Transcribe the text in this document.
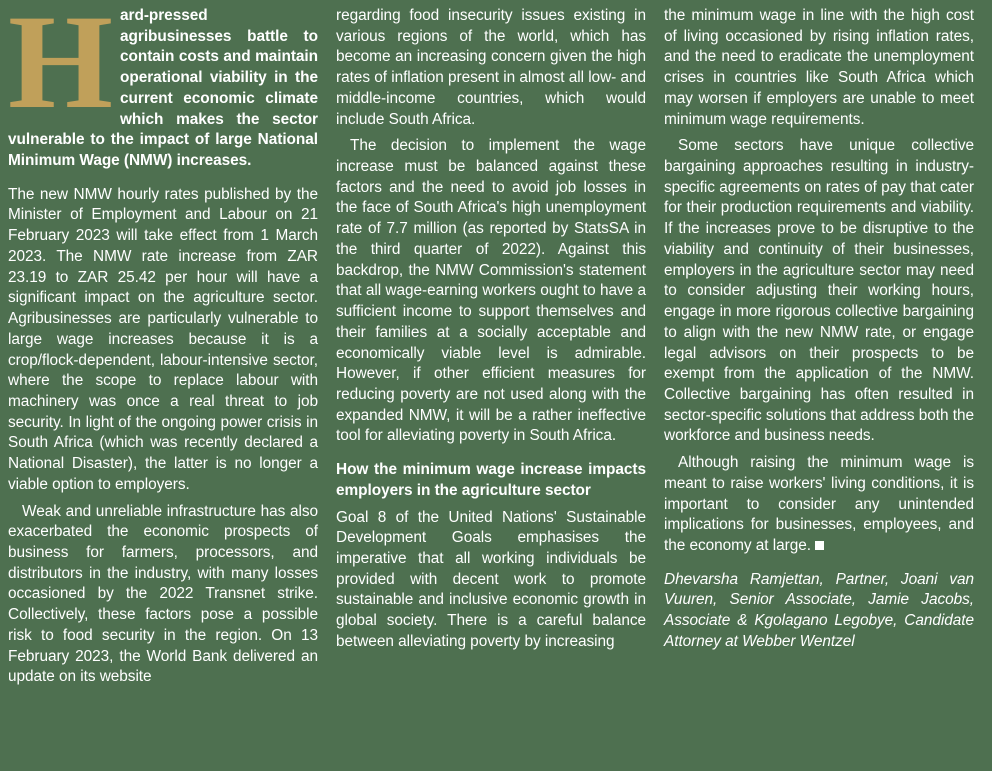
H ard-pressed agribusinesses battle to contain costs and maintain operational viability in the current economic climate which makes the sector vulnerable to the impact of large National Minimum Wage (NMW) increases.

The new NMW hourly rates published by the Minister of Employment and Labour on 21 February 2023 will take effect from 1 March 2023. The NMW rate increase from ZAR 23.19 to ZAR 25.42 per hour will have a significant impact on the agriculture sector. Agribusinesses are particularly vulnerable to large wage increases because it is a crop/flock-dependent, labour-intensive sector, where the scope to replace labour with machinery was once a real threat to job security. In light of the ongoing power crisis in South Africa (which was recently declared a National Disaster), the latter is no longer a viable option to employers.

Weak and unreliable infrastructure has also exacerbated the economic prospects of business for farmers, processors, and distributors in the industry, with many losses occasioned by the 2022 Transnet strike. Collectively, these factors pose a possible risk to food security in the region. On 13 February 2023, the World Bank delivered an update on its website

regarding food insecurity issues existing in various regions of the world, which has become an increasing concern given the high rates of inflation present in almost all low- and middle-income countries, which would include South Africa.

The decision to implement the wage increase must be balanced against these factors and the need to avoid job losses in the face of South Africa's high unemployment rate of 7.7 million (as reported by StatsSA in the third quarter of 2022). Against this backdrop, the NMW Commission's statement that all wage-earning workers ought to have a sufficient income to support themselves and their families at a socially acceptable and economically viable level is admirable. However, if other efficient measures for reducing poverty are not used along with the expanded NMW, it will be a rather ineffective tool for alleviating poverty in South Africa.

How the minimum wage increase impacts employers in the agriculture sector

Goal 8 of the United Nations' Sustainable Development Goals emphasises the imperative that all working individuals be provided with decent work to promote sustainable and inclusive economic growth in global society. There is a careful balance between alleviating poverty by increasing

the minimum wage in line with the high cost of living occasioned by rising inflation rates, and the need to eradicate the unemployment crises in countries like South Africa which may worsen if employers are unable to meet minimum wage requirements.

Some sectors have unique collective bargaining approaches resulting in industry-specific agreements on rates of pay that cater for their production requirements and viability. If the increases prove to be disruptive to the viability and continuity of their businesses, employers in the agriculture sector may need to consider adjusting their working hours, engage in more rigorous collective bargaining to align with the new NMW rate, or engage legal advisors on their prospects to be exempt from the application of the NMW. Collective bargaining has often resulted in sector-specific solutions that address both the workforce and business needs.

Although raising the minimum wage is meant to raise workers' living conditions, it is important to consider any unintended implications for businesses, employees, and the economy at large.

Dhevarsha Ramjettan, Partner, Joani van Vuuren, Senior Associate, Jamie Jacobs, Associate & Kgolagano Legobye, Candidate Attorney at Webber Wentzel
